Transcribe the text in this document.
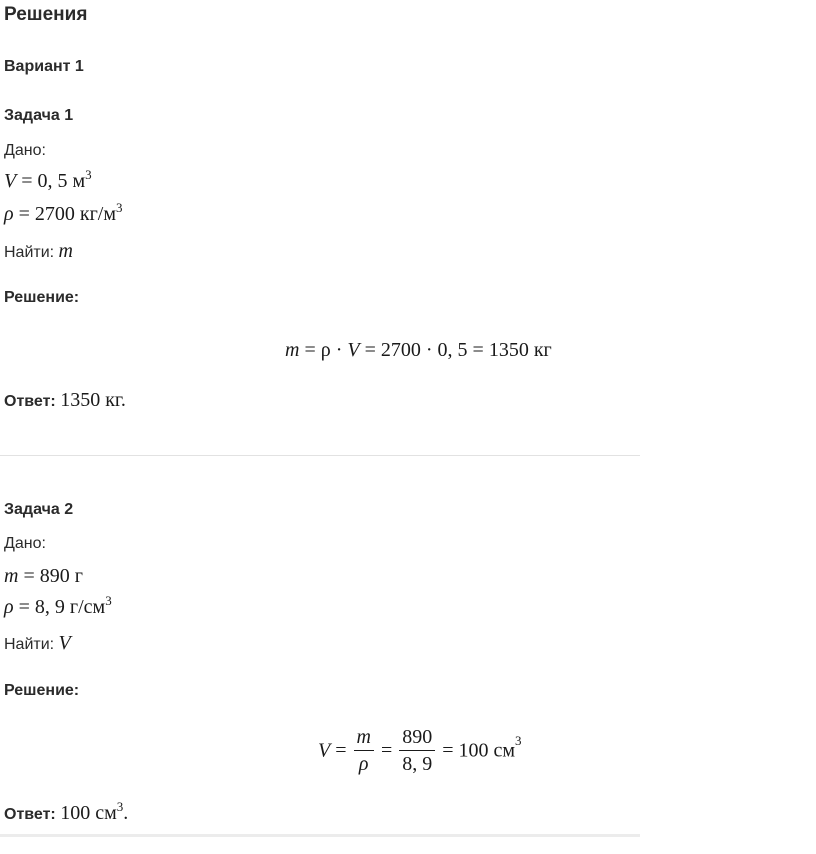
Решения
Вариант 1
Задача 1
Дано:
V = 0, 5 $м^3$
ρ = 2700 $кг/м^3$
Найти: m
Решение:
m = ρ · V = 2700 · 0, 5 = 1350 кг
Ответ: 1350 кг.
Задача 2
Дано:
m = 890 г
ρ = 8, 9 $г/см^3$
Найти: V
Решение:
$V = \frac{m}{\rho} = \frac{890}{8, 9} = 100$ $см^3$
Ответ: 100 $см^3$.
